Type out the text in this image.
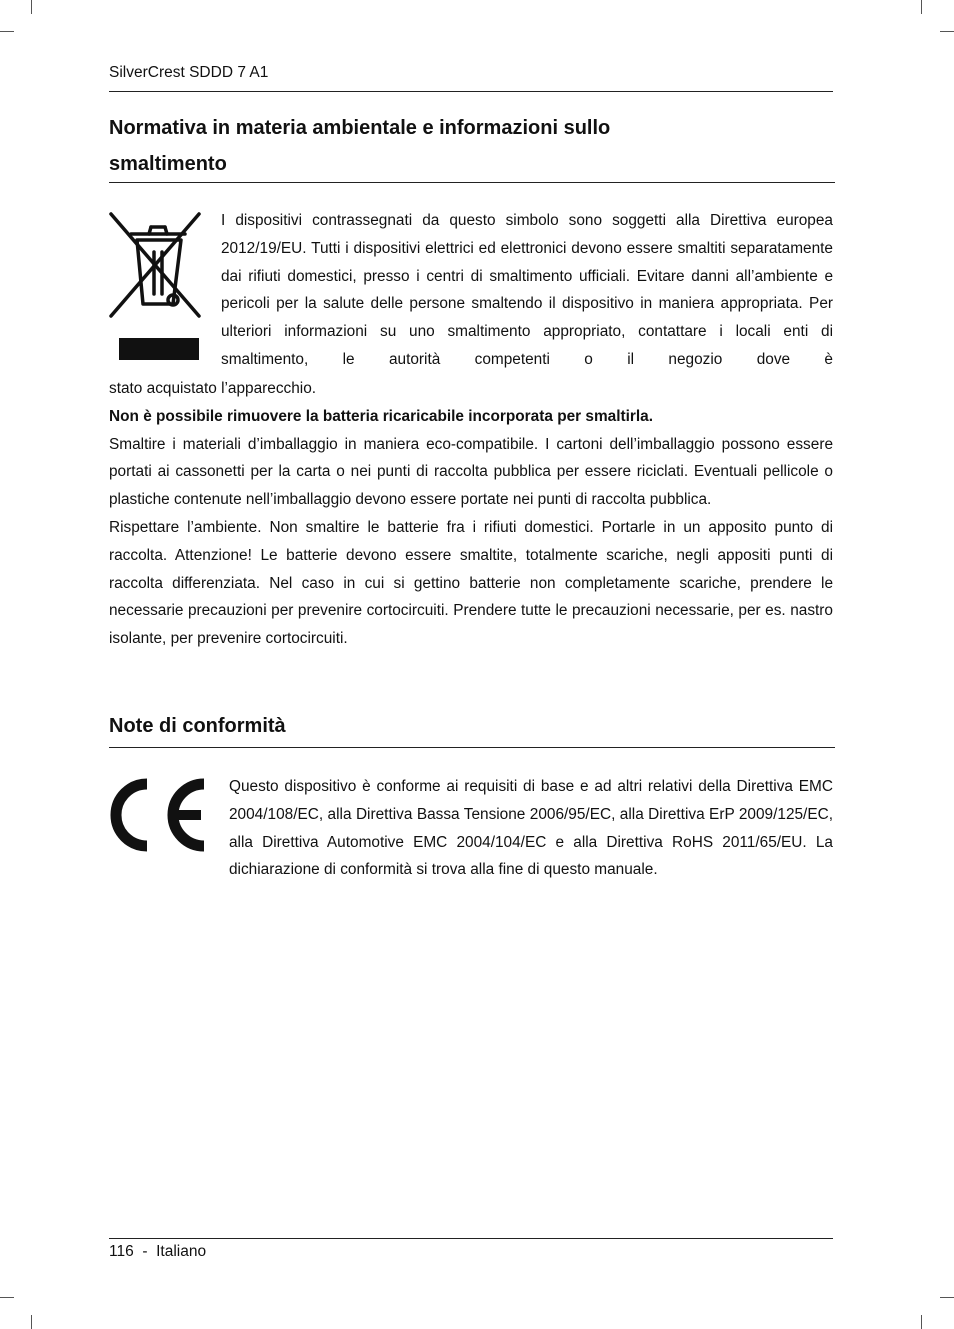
SilverCrest SDDD 7 A1
Normativa in materia ambientale e informazioni sullo
smaltimento

I dispositivi contrassegnati da questo simbolo sono soggetti alla Direttiva europea 2012/19/EU. Tutti i dispositivi elettrici ed elettronici devono essere smaltiti separatamente dai rifiuti domestici, presso i centri di smaltimento ufficiali. Evitare danni all’ambiente e pericoli per la salute delle persone smaltendo il dispositivo in maniera appropriata. Per ulteriori informazioni su uno smaltimento appropriato, contattare i locali enti di smaltimento, le autorità competenti o il negozio dove è

stato acquistato l’apparecchio.

Non è possibile rimuovere la batteria ricaricabile incorporata per smaltirla.

Smaltire i materiali d’imballaggio in maniera eco-compatibile. I cartoni dell’imballaggio possono essere portati ai cassonetti per la carta o nei punti di raccolta pubblica per essere riciclati. Eventuali pellicole o plastiche contenute nell’imballaggio devono essere portate nei punti di raccolta pubblica.

Rispettare l’ambiente. Non smaltire le batterie fra i rifiuti domestici. Portarle in un apposito punto di raccolta. Attenzione! Le batterie devono essere smaltite, totalmente scariche, negli appositi punti di raccolta differenziata. Nel caso in cui si gettino batterie non completamente scariche, prendere le necessarie precauzioni per prevenire cortocircuiti. Prendere tutte le precauzioni necessarie, per es. nastro isolante, per prevenire cortocircuiti.

Note di conformità

Questo dispositivo è conforme ai requisiti di base e ad altri relativi della Direttiva EMC 2004/108/EC, alla Direttiva Bassa Tensione 2006/95/EC, alla Direttiva ErP 2009/125/EC, alla Direttiva Automotive EMC 2004/104/EC e alla Direttiva RoHS 2011/65/EU. La dichiarazione di conformità si trova alla fine di questo manuale.

116  -  Italiano
